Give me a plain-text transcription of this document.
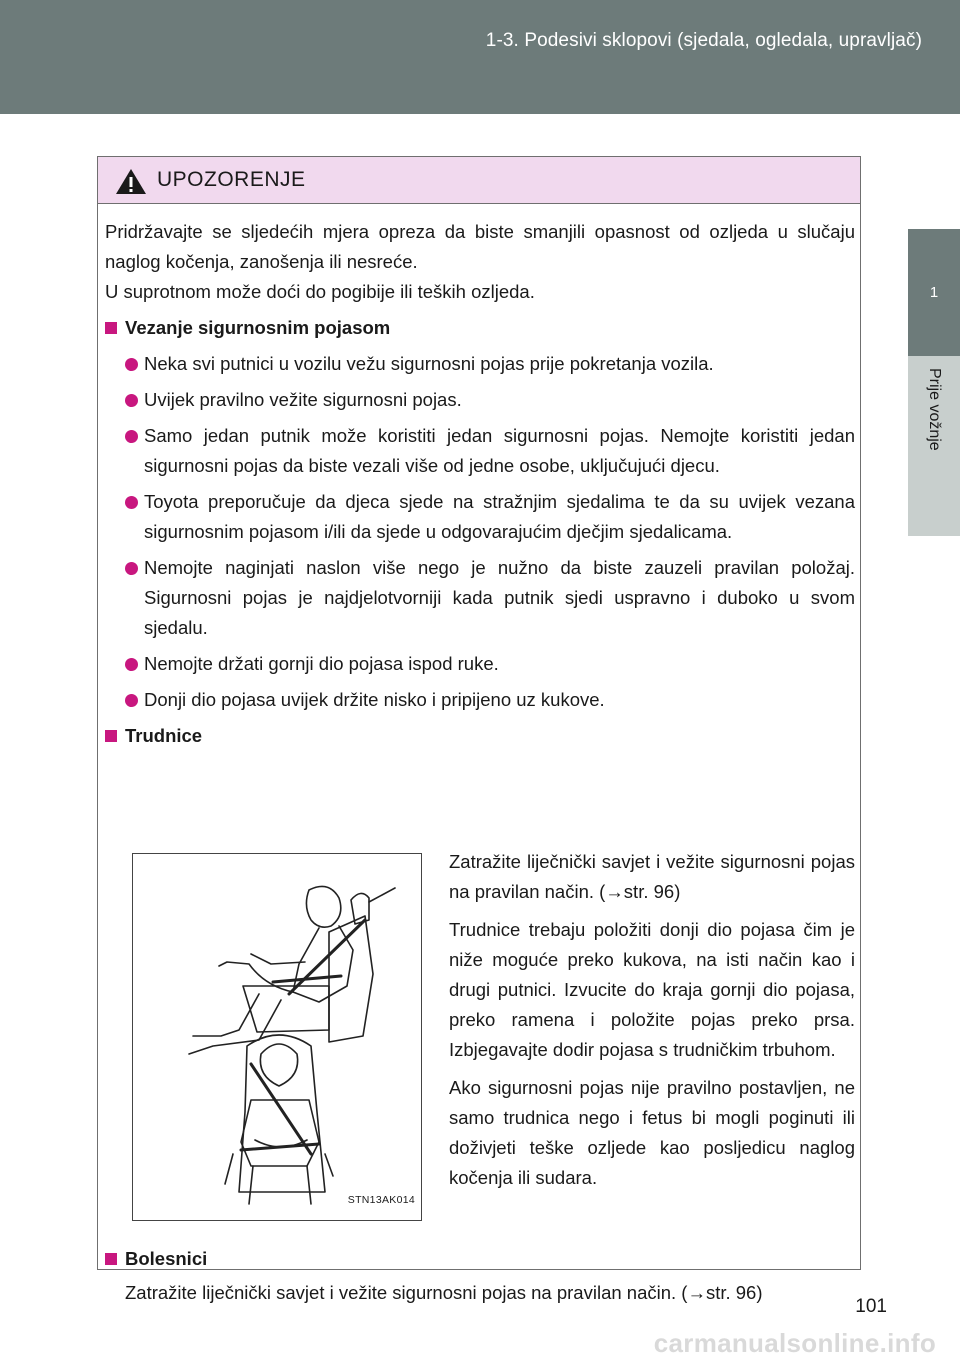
1-3. Podesivi sklopovi (sjedala, ogledala, upravljač)
1
Prije vožnje
UPOZORENJE

Pridržavajte se sljedećih mjera opreza da biste smanjili opasnost od ozljeda u slučaju naglog kočenja, zanošenja ili nesreće.

U suprotnom može doći do pogibije ili teških ozljeda.

Vezanje sigurnosnim pojasom
Neka svi putnici u vozilu vežu sigurnosni pojas prije pokretanja vozila.
Uvijek pravilno vežite sigurnosni pojas.
Samo jedan putnik može koristiti jedan sigurnosni pojas. Nemojte koristiti jedan sigurnosni pojas da biste vezali više od jedne osobe, uključujući djecu.
Toyota preporučuje da djeca sjede na stražnjim sjedalima te da su uvijek vezana sigurnosnim pojasom i/ili da sjede u odgovarajućim dječjim sjedalicama.
Nemojte naginjati naslon više nego je nužno da biste zauzeli pravilan položaj. Sigurnosni pojas je najdjelotvorniji kada putnik sjedi uspravno i duboko u svom sjedalu.
Nemojte držati gornji dio pojasa ispod ruke.
Donji dio pojasa uvijek držite nisko i pripijeno uz kukove.
Trudnice
STN13AK014

Zatražite liječnički savjet i vežite sigurnosni pojas na pravilan način. (→str. 96)

Trudnice trebaju položiti donji dio pojasa čim je niže moguće preko kukova, na isti način kao i drugi putnici. Izvucite do kraja gornji dio pojasa, preko ramena i položite pojas preko prsa. Izbjegavajte dodir pojasa s trudničkim trbuhom.

Ako sigurnosni pojas nije pravilno postavljen, ne samo trudnica nego i fetus bi mogli poginuti ili doživjeti teške ozljede kao posljedicu naglog kočenja ili sudara.

Bolesnici
Zatražite liječnički savjet i vežite sigurnosni pojas na pravilan način. (→str. 96)
101
carmanualsonline.info
